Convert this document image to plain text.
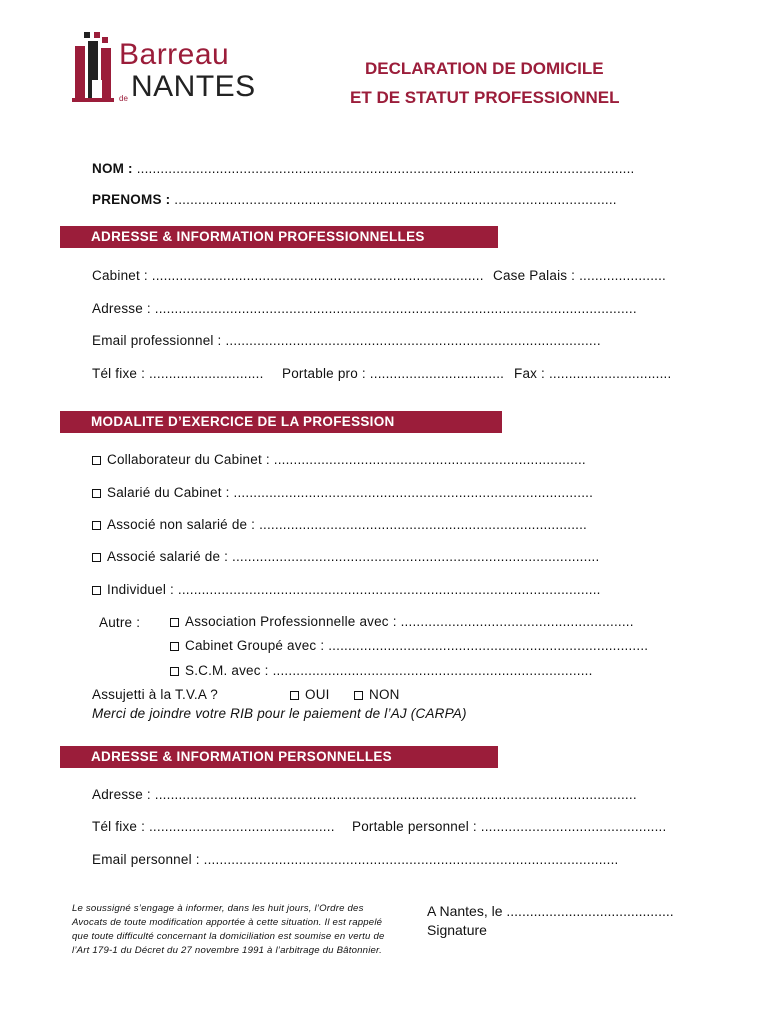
Barreau
de NANTES
DECLARATION DE DOMICILE
ET DE STATUT PROFESSIONNEL
NOM : ..............................................................................................................................
PRENOMS : ................................................................................................................
ADRESSE & INFORMATION PROFESSIONNELLES
Cabinet : .................................................................................... Case Palais : ......................
Adresse : ..........................................................................................................................
Email professionnel : ...............................................................................................
Tél fixe : ............................. Portable pro : .................................. Fax : ...............................
MODALITE D’EXERCICE DE LA PROFESSION
Collaborateur du Cabinet : ...............................................................................
Salarié du Cabinet : ...........................................................................................
Associé non salarié de : ...................................................................................
Associé salarié de : .............................................................................................
Individuel : ...........................................................................................................
Autre :	Association Professionnelle avec : ...........................................................
Cabinet Groupé avec : .................................................................................
S.C.M. avec : .................................................................................
Assujetti à la T.V.A ?	OUI	NON
Merci de joindre votre RIB pour le paiement de l’AJ (CARPA)
ADRESSE & INFORMATION PERSONNELLES
Adresse : ..........................................................................................................................
Tél fixe : ............................................... Portable personnel : ...............................................
Email personnel : .........................................................................................................
Le soussigné s’engage à informer, dans les huit jours, l’Ordre des Avocats de toute modification apportée à cette situation. Il est rappelé que toute difficulté concernant la domiciliation est soumise en vertu de l’Art 179-1 du Décret du 27 novembre 1991 à l’arbitrage du Bâtonnier.
A Nantes, le ...........................................
Signature
